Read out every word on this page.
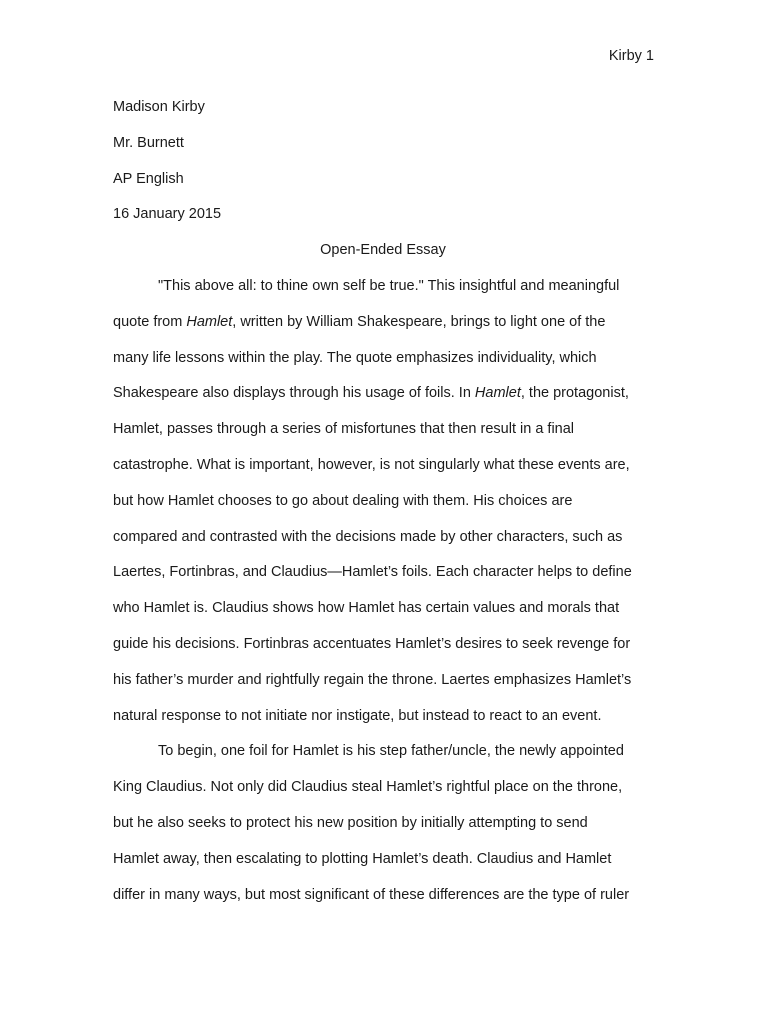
Kirby 1
Madison Kirby
Mr. Burnett
AP English
16 January 2015
Open-Ended Essay
"This above all: to thine own self be true." This insightful and meaningful
quote from Hamlet, written by William Shakespeare, brings to light one of the
many life lessons within the play. The quote emphasizes individuality, which
Shakespeare also displays through his usage of foils. In Hamlet, the protagonist,
Hamlet, passes through a series of misfortunes that then result in a final
catastrophe. What is important, however, is not singularly what these events are,
but how Hamlet chooses to go about dealing with them. His choices are
compared and contrasted with the decisions made by other characters, such as
Laertes, Fortinbras, and Claudius—Hamlet’s foils. Each character helps to define
who Hamlet is. Claudius shows how Hamlet has certain values and morals that
guide his decisions. Fortinbras accentuates Hamlet’s desires to seek revenge for
his father’s murder and rightfully regain the throne. Laertes emphasizes Hamlet’s
natural response to not initiate nor instigate, but instead to react to an event.
To begin, one foil for Hamlet is his step father/uncle, the newly appointed
King Claudius. Not only did Claudius steal Hamlet’s rightful place on the throne,
but he also seeks to protect his new position by initially attempting to send
Hamlet away, then escalating to plotting Hamlet’s death. Claudius and Hamlet
differ in many ways, but most significant of these differences are the type of ruler
